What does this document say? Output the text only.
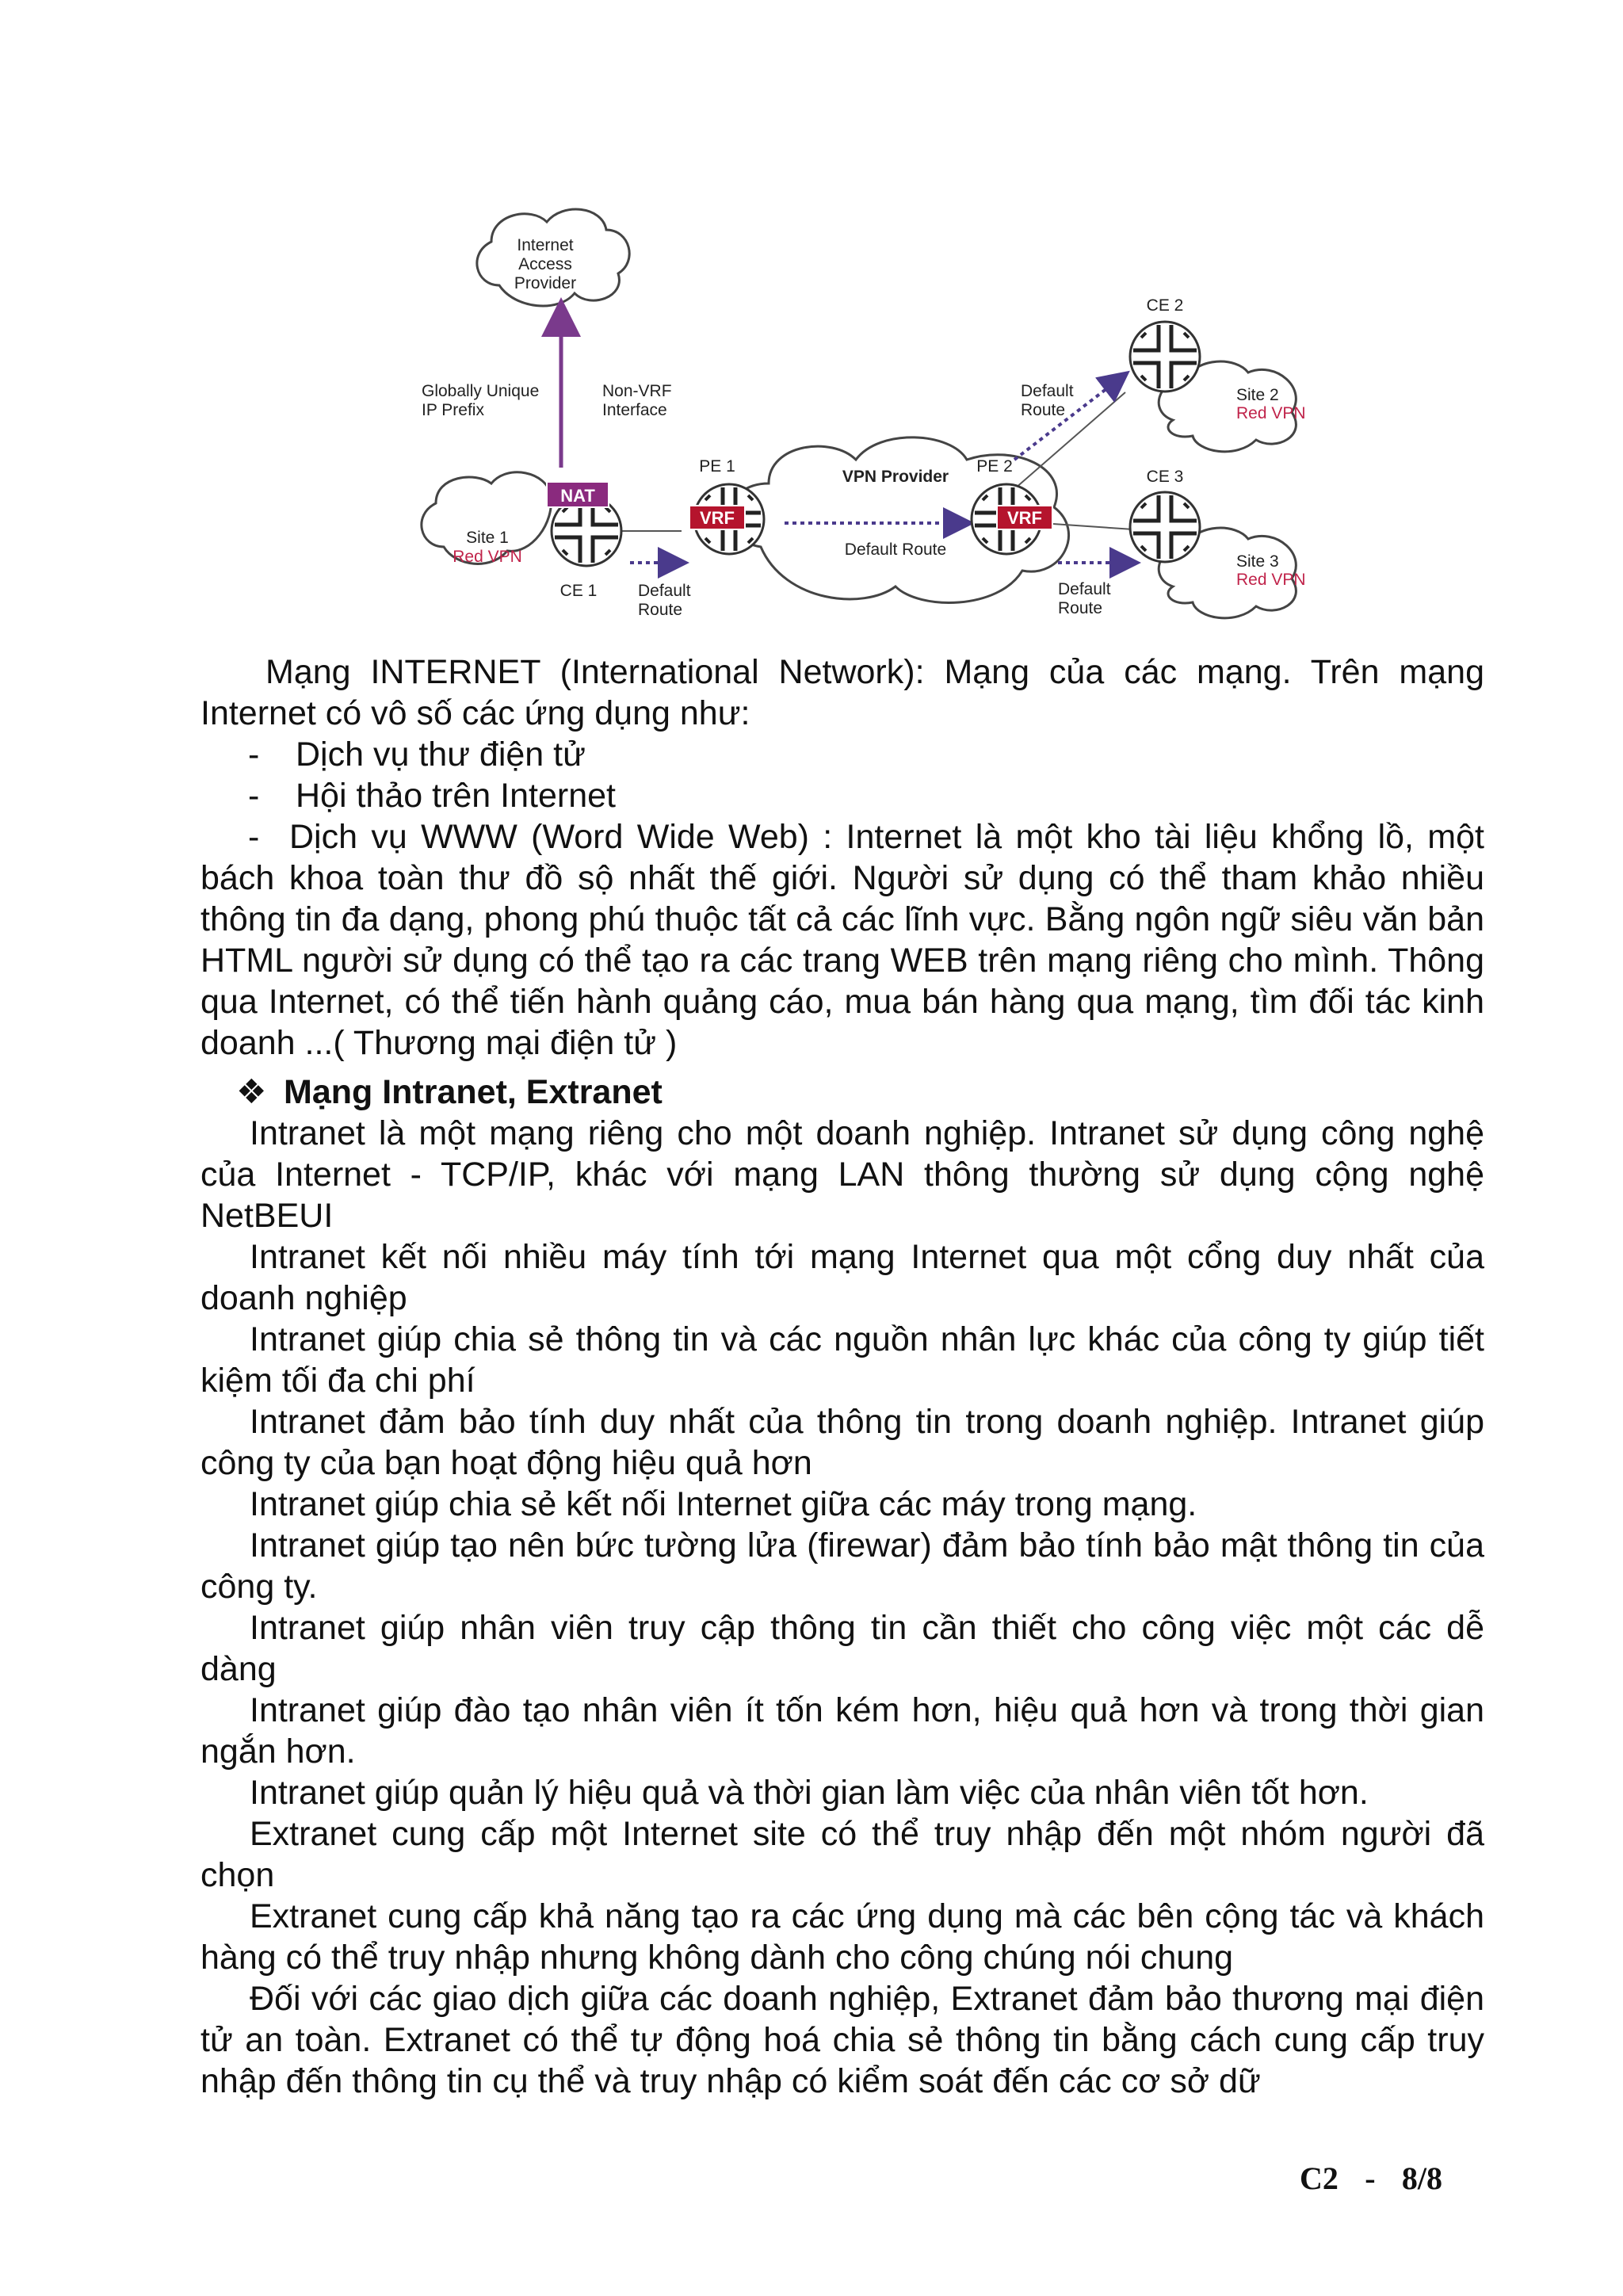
Internet
Access
Provider
Globally Unique
IP Prefix
Non-VRF
Interface
Site 1
Red VPN
VPN Provider
Default Route
Site 2
Red VPN
Site 3
Red VPN
NAT
VRF	VRF
CE 1 Default
Route
PE 1	PE 2
Default
Route
Default
Route
CE 2
CE 3

Mạng INTERNET (International Network): Mạng của các mạng. Trên mạng Internet có vô số các ứng dụng như:

-	Dịch vụ thư điện tử

-	Hội thảo trên Internet

- Dịch vụ WWW (Word Wide Web) : Internet là một kho tài liệu khổng lồ, một bách khoa toàn thư đồ sộ nhất thế giới. Người sử dụng có thể tham khảo nhiều thông tin đa dạng, phong phú thuộc tất cả các lĩnh vực. Bằng ngôn ngữ siêu văn bản HTML người sử dụng có thể tạo ra các trang WEB trên mạng riêng cho mình. Thông qua Internet, có thể tiến hành quảng cáo, mua bán hàng qua mạng, tìm đối tác kinh doanh ...( Thương mại điện tử )

❖ Mạng Intranet, Extranet

Intranet là một mạng riêng cho một doanh nghiệp. Intranet sử dụng công nghệ của Internet - TCP/IP, khác với mạng LAN thông thường sử dụng cộng nghệ NetBEUI

Intranet kết nối nhiều máy tính tới mạng Internet qua một cổng duy nhất của doanh nghiệp

Intranet giúp chia sẻ thông tin và các nguồn nhân lực khác của công ty giúp tiết kiệm tối đa chi phí

Intranet đảm bảo tính duy nhất của thông tin trong doanh nghiệp. Intranet giúp công ty của bạn hoạt động hiệu quả hơn

Intranet giúp chia sẻ kết nối Internet giữa các máy trong mạng.

Intranet giúp tạo nên bức tường lửa (firewar) đảm bảo tính bảo mật thông tin của công ty.

Intranet giúp nhân viên truy cập thông tin cần thiết cho công việc một các dễ dàng

Intranet giúp đào tạo nhân viên ít tốn kém hơn, hiệu quả hơn và trong thời gian ngắn hơn.

Intranet giúp quản lý hiệu quả và thời gian làm việc của nhân viên tốt hơn.

Extranet cung cấp một Internet site có thể truy nhập đến một nhóm người đã chọn

Extranet cung cấp khả năng tạo ra các ứng dụng mà các bên cộng tác và khách hàng có thể truy nhập nhưng không dành cho công chúng nói chung

Đối với các giao dịch giữa các doanh nghiệp, Extranet đảm bảo thương mại điện tử an toàn. Extranet có thể tự động hoá chia sẻ thông tin bằng cách cung cấp truy nhập đến thông tin cụ thể và truy nhập có kiểm soát đến các cơ sở dữ

C2 - 8/8
